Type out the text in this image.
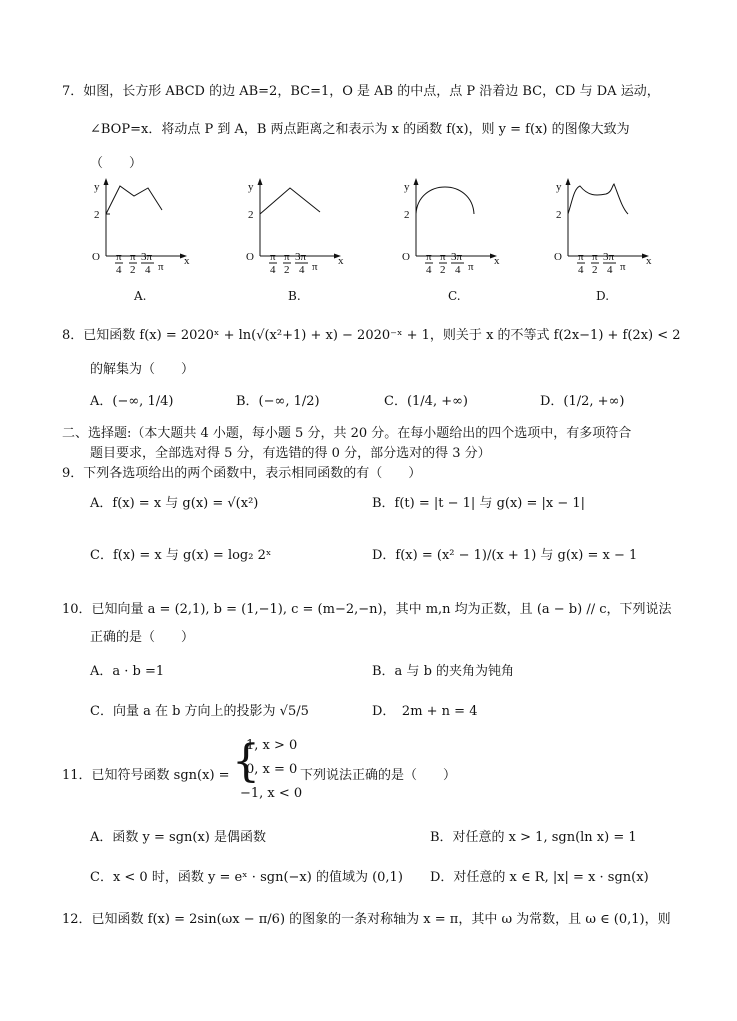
7．如图，长方形 ABCD 的边 AB=2，BC=1，O 是 AB 的中点，点 P 沿着边 BC，CD 与 DA 运动，
∠BOP=x．将动点 P 到 A，B 两点距离之和表示为 x 的函数 f(x)，则 y = f(x) 的图像大致为
（　　）
y
2
O	x
π
4
π
2
3π
4 π
A.
y
2
O	x
π
4
π
2
3π
4 π
B.
y
2
O	x
π
4
π
2
3π
4 π
C.
y
2
O	x
π
4
π
2
3π
4 π
D.
8．已知函数 f(x) = 2020ˣ + ln(√(x²+1) + x) − 2020⁻ˣ + 1，则关于 x 的不等式 f(2x−1) + f(2x) < 2
的解集为（　　）
A．(−∞, 1/4)	B．(−∞, 1/2)	C．(1/4, +∞)	D．(1/2, +∞)
二、选择题:（本大题共 4 小题，每小题 5 分，共 20 分。在每小题给出的四个选项中，有多项符合
题目要求，全部选对得 5 分，有选错的得 0 分，部分选对的得 3 分）
9．下列各选项给出的两个函数中，表示相同函数的有（　　）
A．f(x) = x 与 g(x) = √(x²)	B．f(t) = |t − 1| 与 g(x) = |x − 1|
C．f(x) = x 与 g(x) = log₂ 2ˣ	D．f(x) = (x² − 1)/(x + 1) 与 g(x) = x − 1
10．已知向量 a = (2,1), b = (1,−1), c = (m−2,−n)，其中 m,n 均为正数，且 (a − b) // c，下列说法
正确的是（　　）
A．a · b =1	B．a 与 b 的夹角为钝角
C．向量 a 在 b 方向上的投影为 √5/5	D．　2m + n = 4
11．已知符号函数 sgn(x) = {
1, x > 0
0, x = 0
−1, x < 0
下列说法正确的是（　　）
A．函数 y = sgn(x) 是偶函数	B．对任意的 x > 1, sgn(ln x) = 1
C．x < 0 时，函数 y = eˣ · sgn(−x) 的值域为 (0,1) D．对任意的 x ∈ R, |x| = x · sgn(x)
12．已知函数 f(x) = 2sin(ωx − π/6) 的图象的一条对称轴为 x = π，其中 ω 为常数，且 ω ∈ (0,1)，则
